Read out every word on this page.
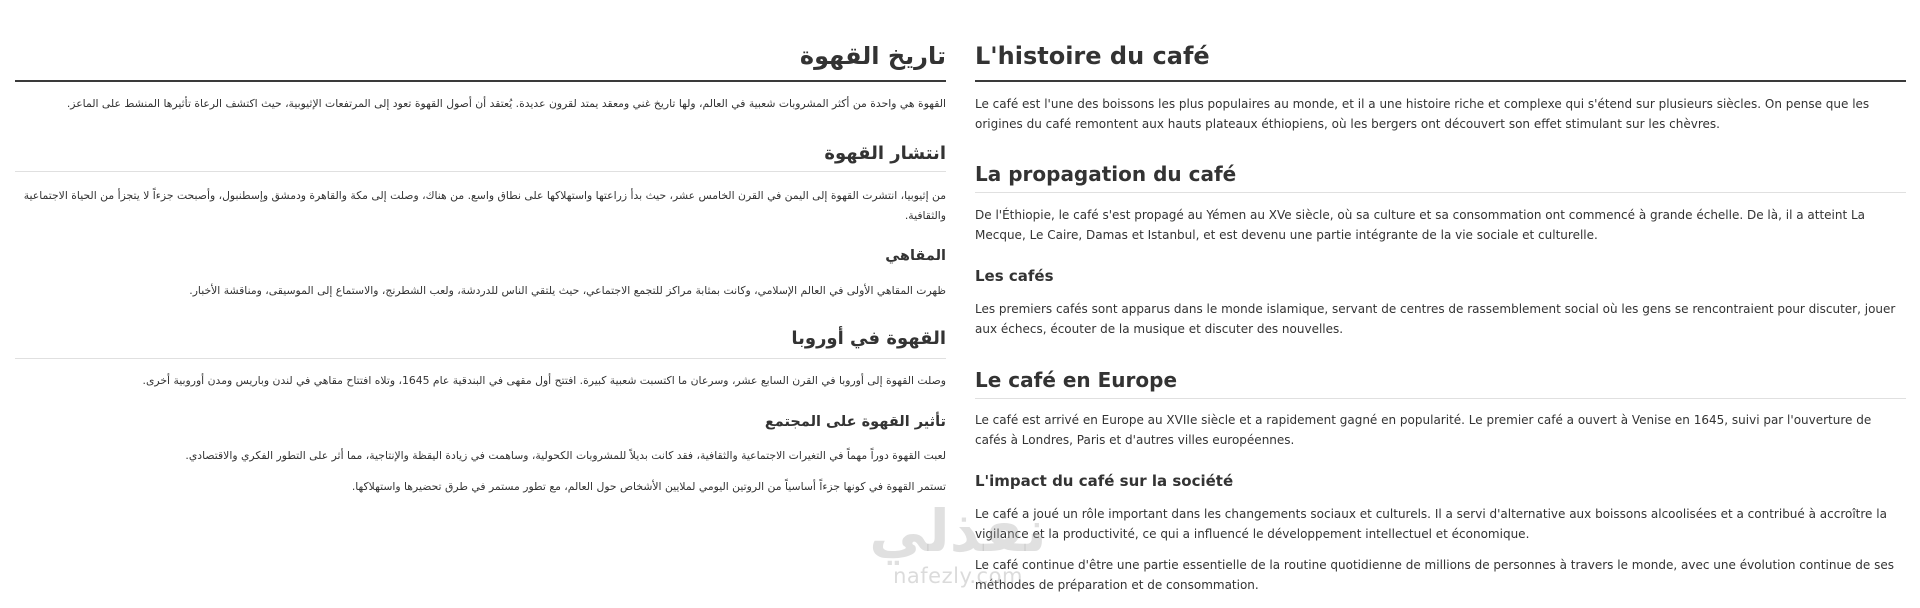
تاريخ القهوة

القهوة هي واحدة من أكثر المشروبات شعبية في العالم، ولها تاريخ غني ومعقد يمتد لقرون عديدة. يُعتقد أن أصول القهوة تعود إلى المرتفعات الإثيوبية، حيث اكتشف الرعاة تأثيرها المنشط على الماعز.

انتشار القهوة

من إثيوبيا، انتشرت القهوة إلى اليمن في القرن الخامس عشر، حيث بدأ زراعتها واستهلاكها على نطاق واسع. من هناك، وصلت إلى مكة والقاهرة ودمشق وإسطنبول، وأصبحت جزءاً لا يتجزأ من الحياة الاجتماعية والثقافية.

المقاهي

ظهرت المقاهي الأولى في العالم الإسلامي، وكانت بمثابة مراكز للتجمع الاجتماعي، حيث يلتقي الناس للدردشة، ولعب الشطرنج، والاستماع إلى الموسيقى، ومناقشة الأخبار.

القهوة في أوروبا

وصلت القهوة إلى أوروبا في القرن السابع عشر، وسرعان ما اكتسبت شعبية كبيرة. افتتح أول مقهى في البندقية عام 1645، وتلاه افتتاح مقاهي في لندن وباريس ومدن أوروبية أخرى.

تأثير القهوة على المجتمع

لعبت القهوة دوراً مهماً في التغيرات الاجتماعية والثقافية، فقد كانت بديلاً للمشروبات الكحولية، وساهمت في زيادة اليقظة والإنتاجية، مما أثر على التطور الفكري والاقتصادي.

تستمر القهوة في كونها جزءاً أساسياً من الروتين اليومي لملايين الأشخاص حول العالم، مع تطور مستمر في طرق تحضيرها واستهلاكها.

L'histoire du café

Le café est l'une des boissons les plus populaires au monde, et il a une histoire riche et complexe qui s'étend sur plusieurs siècles. On pense que les origines du café remontent aux hauts plateaux éthiopiens, où les bergers ont découvert son effet stimulant sur les chèvres.

La propagation du café

De l'Éthiopie, le café s'est propagé au Yémen au XVe siècle, où sa culture et sa consommation ont commencé à grande échelle. De là, il a atteint La Mecque, Le Caire, Damas et Istanbul, et est devenu une partie intégrante de la vie sociale et culturelle.

Les cafés

Les premiers cafés sont apparus dans le monde islamique, servant de centres de rassemblement social où les gens se rencontraient pour discuter, jouer aux échecs, écouter de la musique et discuter des nouvelles.

Le café en Europe

Le café est arrivé en Europe au XVIIe siècle et a rapidement gagné en popularité. Le premier café a ouvert à Venise en 1645, suivi par l'ouverture de cafés à Londres, Paris et d'autres villes européennes.

L'impact du café sur la société

Le café a joué un rôle important dans les changements sociaux et culturels. Il a servi d'alternative aux boissons alcoolisées et a contribué à accroître la vigilance et la productivité, ce qui a influencé le développement intellectuel et économique.

Le café continue d'être une partie essentielle de la routine quotidienne de millions de personnes à travers le monde, avec une évolution continue de ses méthodes de préparation et de consommation.

نفذلي
nafezly.com
